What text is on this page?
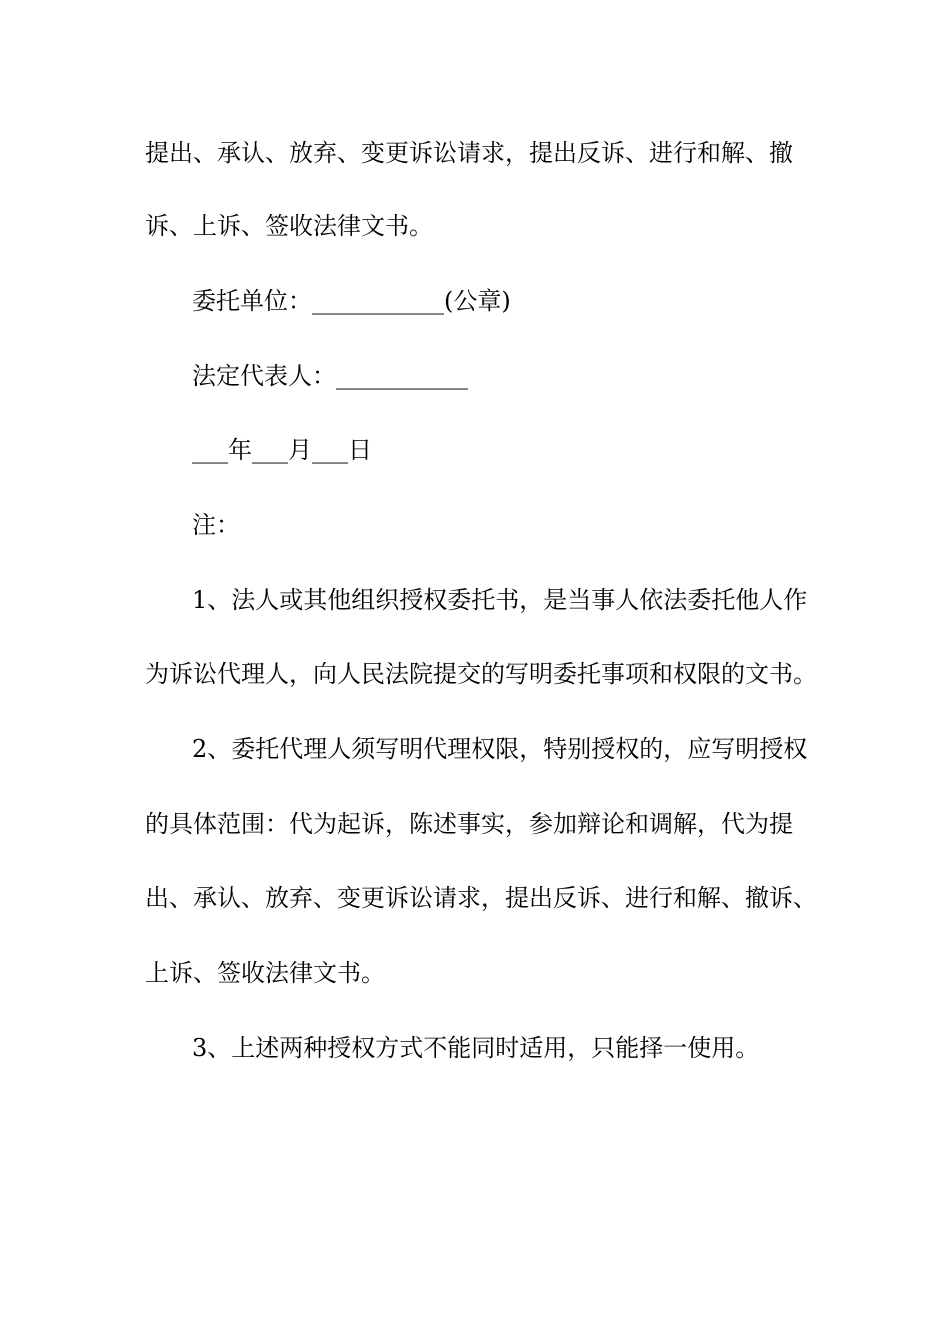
提出、承认、放弃、变更诉讼请求，提出反诉、进行和解、撤
诉、上诉、签收法律文书。
委托单位：___________(公章)
法定代表人：___________
___年___月___日
注：
1、法人或其他组织授权委托书，是当事人依法委托他人作
为诉讼代理人，向人民法院提交的写明委托事项和权限的文书。
2、委托代理人须写明代理权限，特别授权的，应写明授权
的具体范围：代为起诉，陈述事实，参加辩论和调解，代为提
出、承认、放弃、变更诉讼请求，提出反诉、进行和解、撤诉、
上诉、签收法律文书。
3、上述两种授权方式不能同时适用，只能择一使用。
